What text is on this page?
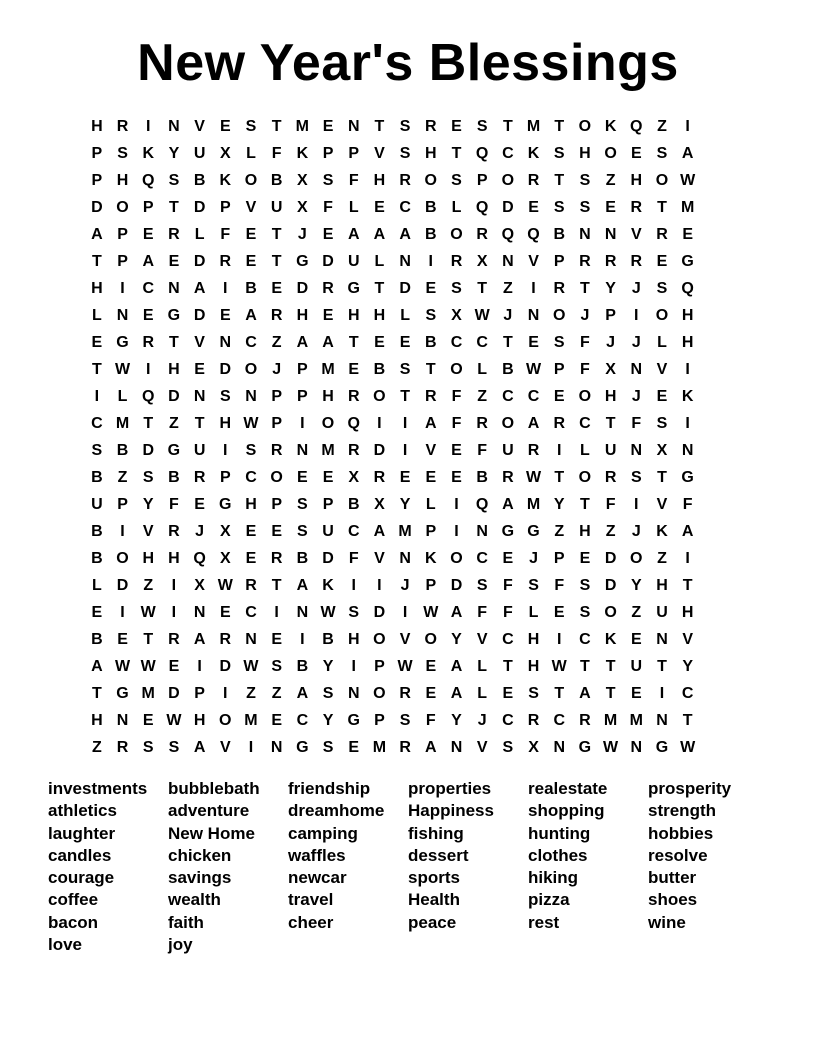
New Year's Blessings
H R	I	N V E S T M E N T S R E S T M T O K Q Z	I
P S K Y U X L F K P P V S H T Q C K S H O E S A
P H Q S B K O B X S F H R O S P O R T S Z H O W
D O P T D P V U X F L E C B L Q D E S S E R T M
A P E R L F E T	J E A A A B O R Q Q B N N V R E
T P A E D R E T G D U L N	I	R X N V P R R R E G
H	I	C N A	I	B E D R G T D E S T Z	I	R T Y J S Q
L N E G D E A R H E H H L S X W J N O J P	I	O H
E G R T V N C Z A A T E E B C C T E S F	J	J	L H
T W I	H E D O J P M E B S T O L B W P F X N V	I
I	L Q D N S N P P H R O T R F Z C C E O H J E K
C M T Z T H W P	I	O Q	I	I	A F R O A R C T F S	I
S B D G U	I	S R N M R D	I	V E F U R	I	L U N X N
B Z S B R P C O E E X R E E E B R W T O R S T G
U P Y F E G H P S P B X Y L	I	Q A M Y T F	I	V F
B	I	V R J X E E S U C A M P	I	N G G Z H Z	J K A
B O H H Q X E R B D F V N K O C E J P E D O Z	I
L D Z	I	X W R T A K	I	I	J P D S F S F S D Y H T
E	I W I	N E C	I	N W S D	I W A F F L E S O Z U H
B E T R A R N E	I	B H O V O Y V C H	I	C K E N V
A W W E	I	D W S B Y	I	P W E A L T H W T T U T Y
T G M D P	I	Z Z A S N O R E A L E S T A T E	I	C
H N E W H O M E C Y G P S F Y J C R C R M M N T
Z R S S A V	I	N G S E M R A N V S X N G W N G W
investments	bubblebath	friendship	properties	realestate	prosperity
athletics	adventure	dreamhome	Happiness	shopping	strength
laughter	New Home	camping	fishing	hunting	hobbies
candles	chicken	waffles	dessert	clothes	resolve
courage	savings	newcar	sports	hiking	butter
coffee	wealth	travel	Health	pizza	shoes
bacon	faith	cheer	peace	rest	wine
love	joy
